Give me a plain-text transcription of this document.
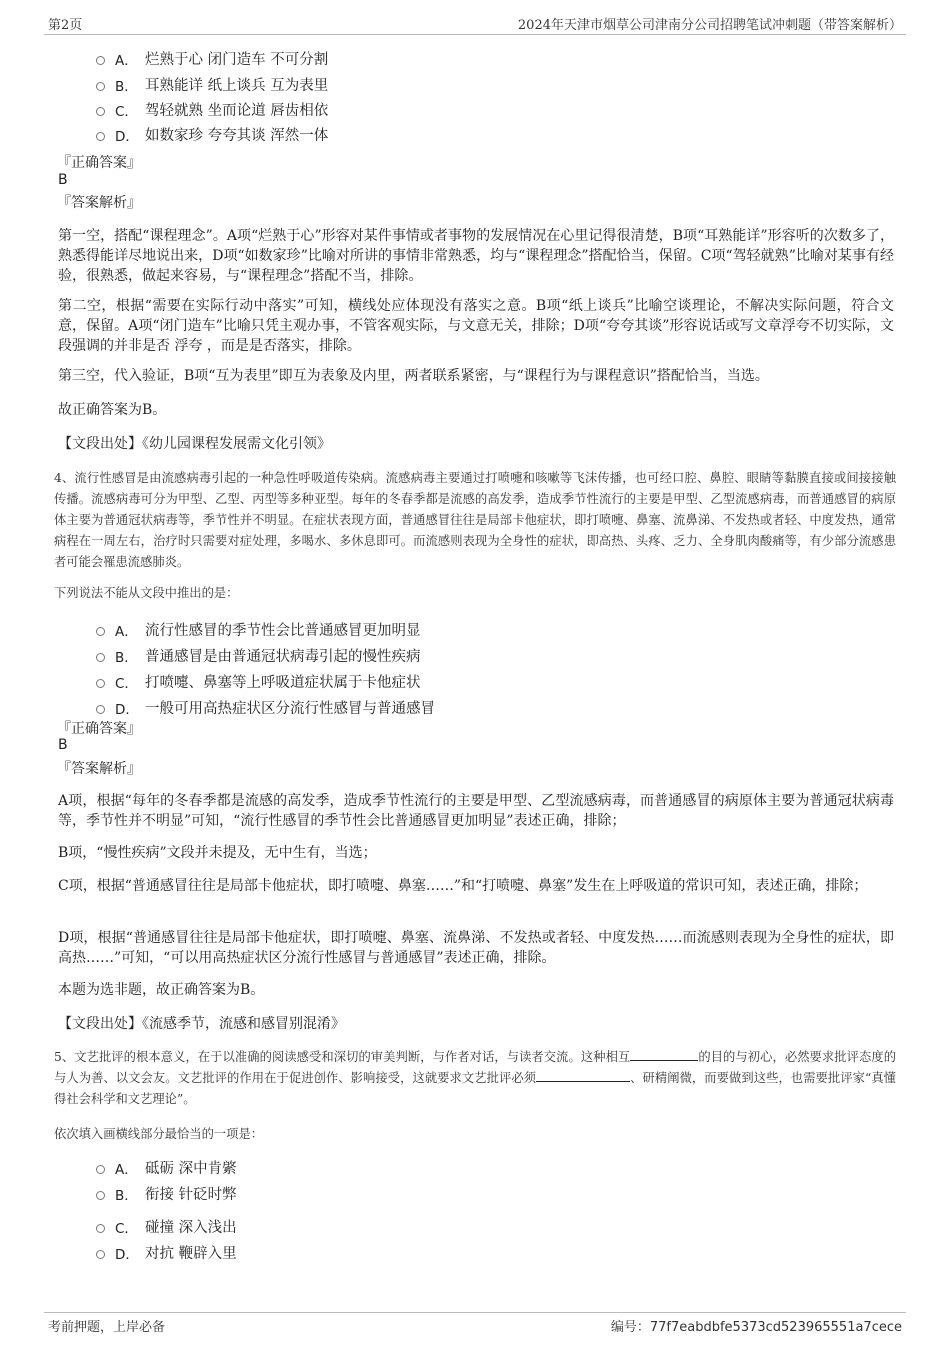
第2页	2024年天津市烟草公司津南分公司招聘笔试冲刺题（带答案解析）
A． 烂熟于心 闭门造车 不可分割
B． 耳熟能详 纸上谈兵 互为表里
C． 驾轻就熟 坐而论道 唇齿相依
D． 如数家珍 夸夸其谈 浑然一体
『正确答案』
B
『答案解析』
第一空，搭配“课程理念”。A项“烂熟于心”形容对某件事情或者事物的发展情况在心里记得很清楚，B项“耳熟能详”形容听的次数多了，熟悉得能详尽地说出来，D项“如数家珍”比喻对所讲的事情非常熟悉，均与“课程理念”搭配恰当，保留。C项“驾轻就熟”比喻对某事有经验，很熟悉，做起来容易，与“课程理念”搭配不当，排除。
第二空，根据“需要在实际行动中落实”可知，横线处应体现没有落实之意。B项“纸上谈兵”比喻空谈理论，不解决实际问题，符合文意，保留。A项“闭门造车”比喻只凭主观办事，不管客观实际，与文意无关，排除；D项“夸夸其谈”形容说话或写文章浮夸不切实际，文段强调的并非是否 浮夸 ，而是是否落实，排除。
第三空，代入验证，B项“互为表里”即互为表象及内里，两者联系紧密，与“课程行为与课程意识”搭配恰当，当选。
故正确答案为B。
【文段出处】《幼儿园课程发展需文化引领》
4、流行性感冒是由流感病毒引起的一种急性呼吸道传染病。流感病毒主要通过打喷嚏和咳嗽等飞沫传播，也可经口腔、鼻腔、眼睛等黏膜直接或间接接触传播。流感病毒可分为甲型、乙型、丙型等多种亚型。每年的冬春季都是流感的高发季，造成季节性流行的主要是甲型、乙型流感病毒，而普通感冒的病原体主要为普通冠状病毒等，季节性并不明显。在症状表现方面，普通感冒往往是局部卡他症状，即打喷嚏、鼻塞、流鼻涕、不发热或者轻、中度发热，通常病程在一周左右，治疗时只需要对症处理，多喝水、多休息即可。而流感则表现为全身性的症状，即高热、头疼、乏力、全身肌肉酸痛等，有少部分流感患者可能会罹患流感肺炎。
下列说法不能从文段中推出的是：
A． 流行性感冒的季节性会比普通感冒更加明显
B． 普通感冒是由普通冠状病毒引起的慢性疾病
C． 打喷嚏、鼻塞等上呼吸道症状属于卡他症状
D． 一般可用高热症状区分流行性感冒与普通感冒
『正确答案』
B
『答案解析』
A项，根据“每年的冬春季都是流感的高发季，造成季节性流行的主要是甲型、乙型流感病毒，而普通感冒的病原体主要为普通冠状病毒等，季节性并不明显”可知，“流行性感冒的季节性会比普通感冒更加明显”表述正确，排除；
B项，“慢性疾病”文段并未提及，无中生有，当选；
C项，根据“普通感冒往往是局部卡他症状，即打喷嚏、鼻塞……”和“打喷嚏、鼻塞”发生在上呼吸道的常识可知，表述正确，排除；
D项，根据“普通感冒往往是局部卡他症状，即打喷嚏、鼻塞、流鼻涕、不发热或者轻、中度发热……而流感则表现为全身性的症状，即高热……”可知，“可以用高热症状区分流行性感冒与普通感冒”表述正确，排除。
本题为选非题，故正确答案为B。
【文段出处】《流感季节，流感和感冒别混淆》
5、文艺批评的根本意义，在于以准确的阅读感受和深切的审美判断，与作者对话，与读者交流。这种相互	的目的与初心，必然要求批评态度的与人为善、以文会友。文艺批评的作用在于促进创作、影响接受，这就要求文艺批评必须	、研精阐微，而要做到这些，也需要批评家“真懂得社会科学和文艺理论”。
依次填入画横线部分最恰当的一项是：
A． 砥砺 深中肯綮
B． 衔接 针砭时弊
C． 碰撞 深入浅出
D． 对抗 鞭辟入里
考前押题，上岸必备	编号：77f7eabdbfe5373cd523965551a7cece
